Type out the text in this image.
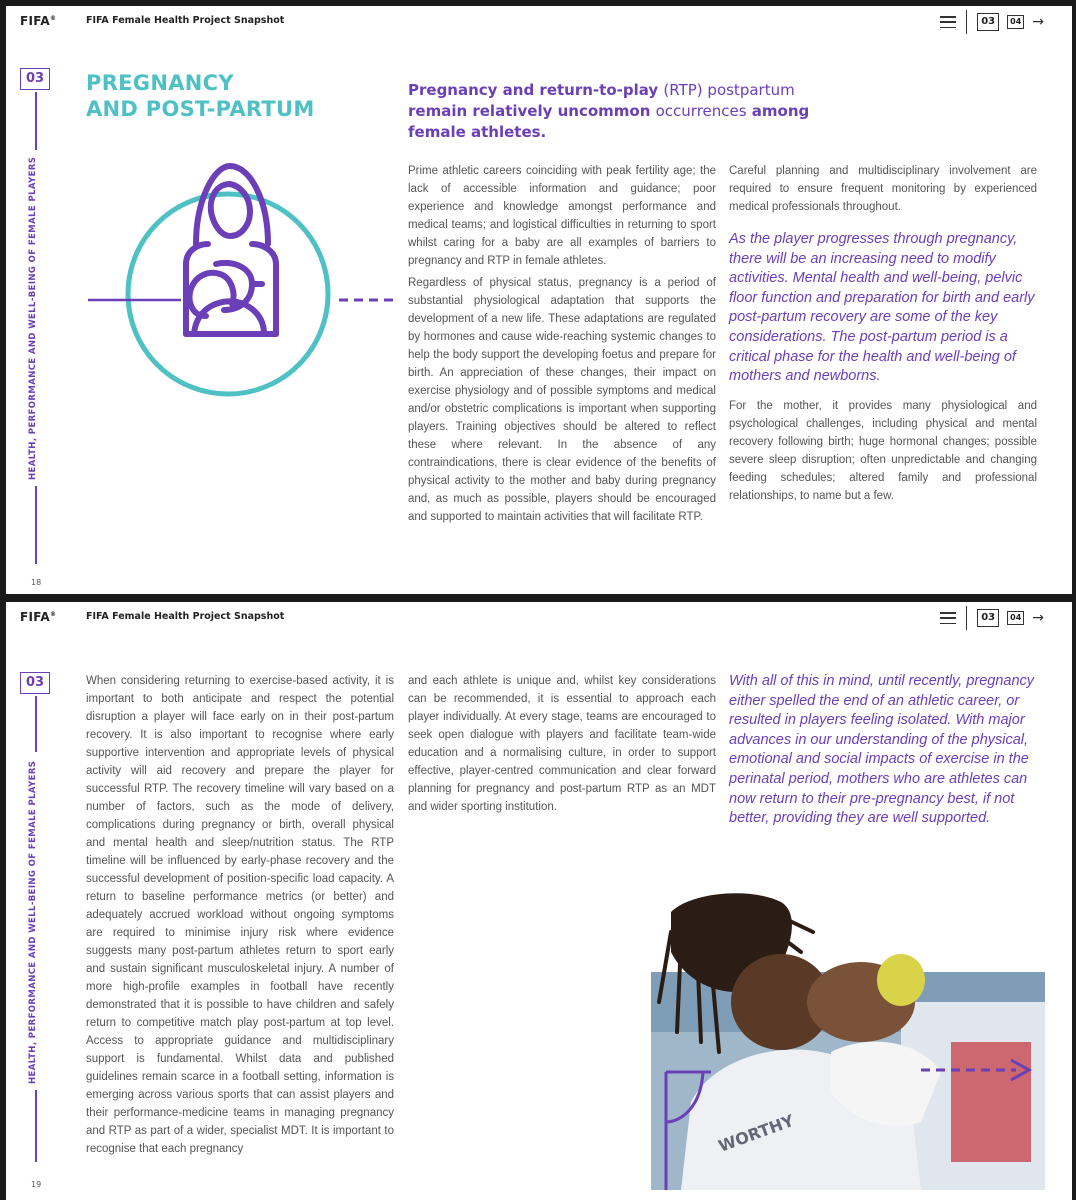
FIFA®	FIFA Female Health Project Snapshot	03	04 →
03
HEALTH, PERFORMANCE AND WELL-BEING OF FEMALE PLAYERS
18
PREGNANCY
AND POST-PARTUM
Pregnancy and return-to-play (RTP) postpartum remain relatively uncommon occurrences among female athletes.

Prime athletic careers coinciding with peak fertility age; the lack of accessible information and guidance; poor experience and knowledge amongst performance and medical teams; and logistical difficulties in returning to sport whilst caring for a baby are all examples of barriers to pregnancy and RTP in female athletes.

Regardless of physical status, pregnancy is a period of substantial physiological adaptation that supports the development of a new life. These adaptations are regulated by hormones and cause wide-reaching systemic changes to help the body support the developing foetus and prepare for birth. An appreciation of these changes, their impact on exercise physiology and of possible symptoms and medical and/or obstetric complications is important when supporting players. Training objectives should be altered to reflect these where relevant. In the absence of any contraindications, there is clear evidence of the benefits of physical activity to the mother and baby during pregnancy and, as much as possible, players should be encouraged and supported to maintain activities that will facilitate RTP.

Careful planning and multidisciplinary involvement are required to ensure frequent monitoring by experienced medical professionals throughout.

As the player progresses through pregnancy, there will be an increasing need to modify activities. Mental health and well-being, pelvic floor function and preparation for birth and early post-partum recovery are some of the key considerations. The post-partum period is a critical phase for the health and well-being of mothers and newborns.

For the mother, it provides many physiological and psychological challenges, including physical and mental recovery following birth; huge hormonal changes; possible severe sleep disruption; often unpredictable and changing feeding schedules; altered family and professional relationships, to name but a few.

FIFA®	FIFA Female Health Project Snapshot	03	04 →
03
HEALTH, PERFORMANCE AND WELL-BEING OF FEMALE PLAYERS
19

When considering returning to exercise-based activity, it is important to both anticipate and respect the potential disruption a player will face early on in their post-partum recovery. It is also important to recognise where early supportive intervention and appropriate levels of physical activity will aid recovery and prepare the player for successful RTP. The recovery timeline will vary based on a number of factors, such as the mode of delivery, complications during pregnancy or birth, overall physical and mental health and sleep/nutrition status. The RTP timeline will be influenced by early-phase recovery and the successful development of position-specific load capacity. A return to baseline performance metrics (or better) and adequately accrued workload without ongoing symptoms are required to minimise injury risk where evidence suggests many post-partum athletes return to sport early and sustain significant musculoskeletal injury. A number of more high-profile examples in football have recently demonstrated that it is possible to have children and safely return to competitive match play post-partum at top level. Access to appropriate guidance and multidisciplinary support is fundamental. Whilst data and published guidelines remain scarce in a football setting, information is emerging across various sports that can assist players and their performance-medicine teams in managing pregnancy and RTP as part of a wider, specialist MDT. It is important to recognise that each pregnancy

and each athlete is unique and, whilst key considerations can be recommended, it is essential to approach each player individually. At every stage, teams are encouraged to seek open dialogue with players and facilitate team-wide education and a normalising culture, in order to support effective, player-centred communication and clear forward planning for pregnancy and post-partum RTP as an MDT and wider sporting institution.

With all of this in mind, until recently, pregnancy either spelled the end of an athletic career, or resulted in players feeling isolated. With major advances in our understanding of the physical, emotional and social impacts of exercise in the perinatal period, mothers who are athletes can now return to their pre-pregnancy best, if not better, providing they are well supported.

WORTHY
